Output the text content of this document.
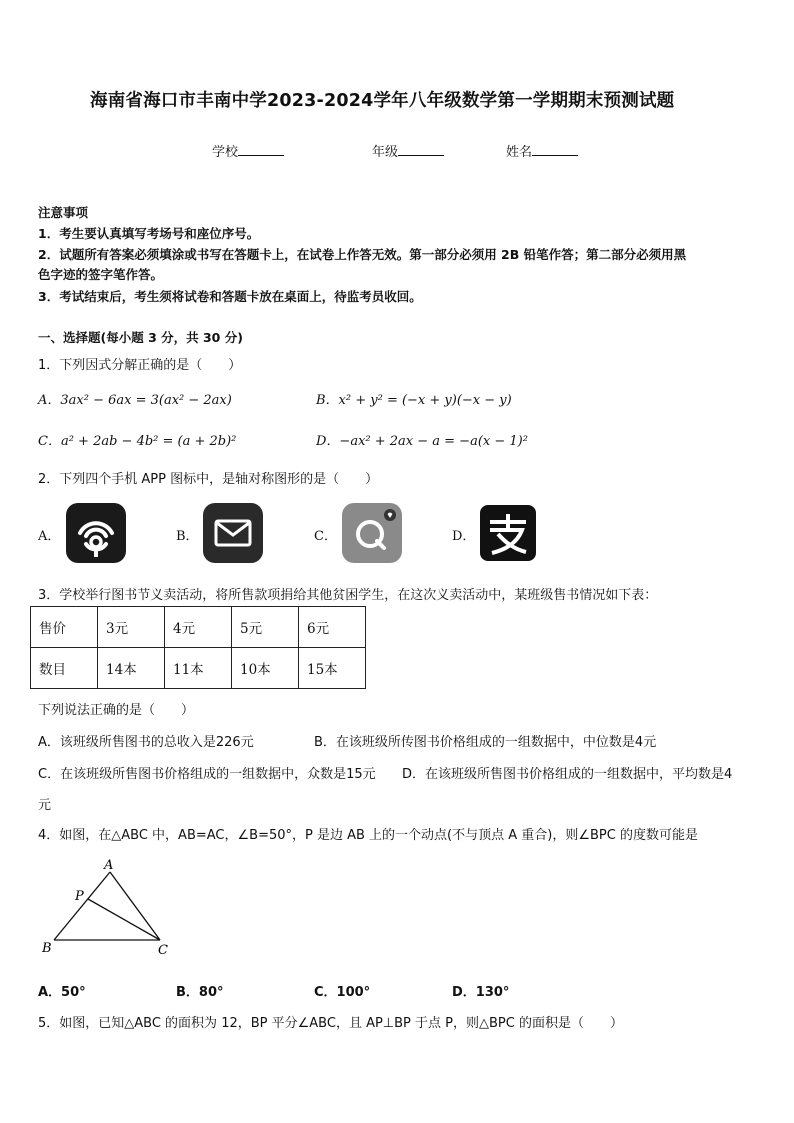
海南省海口市丰南中学2023-2024学年八年级数学第一学期期末预测试题
学校	年级	姓名
注意事项
1．考生要认真填写考场号和座位序号。
2．试题所有答案必须填涂或书写在答题卡上，在试卷上作答无效。第一部分必须用 2B 铅笔作答；第二部分必须用黑
色字迹的签字笔作答。
3．考试结束后，考生须将试卷和答题卡放在桌面上，待监考员收回。
一、选择题(每小题 3 分，共 30 分)
1．下列因式分解正确的是（　　）
A．3ax² − 6ax = 3(ax² − 2ax)	B．x² + y² = (−x + y)(−x − y)
C．a² + 2ab − 4b² = (a + 2b)²	D．−ax² + 2ax − a = −a(x − 1)²
2．下列四个手机 APP 图标中，是轴对称图形的是（　　）
A．	B．	C．	D．
3．学校举行图书节义卖活动，将所售款项捐给其他贫困学生，在这次义卖活动中，某班级售书情况如下表：
售价	3元	4元	5元	6元
数目	14本	11本	10本	15本
下列说法正确的是（　　）
A．该班级所售图书的总收入是226元	B．在该班级所传图书价格组成的一组数据中，中位数是4元
C．在该班级所售图书价格组成的一组数据中，众数是15元 D．在该班级所售图书价格组成的一组数据中，平均数是4
元
4．如图，在△ABC 中，AB=AC，∠B=50°，P 是边 AB 上的一个动点(不与顶点 A 重合)，则∠BPC 的度数可能是
A
P
B	C
A．50°	B．80°	C．100°	D．130°
5．如图，已知△ABC 的面积为 12，BP 平分∠ABC，且 AP⊥BP 于点 P，则△BPC 的面积是（　　）
